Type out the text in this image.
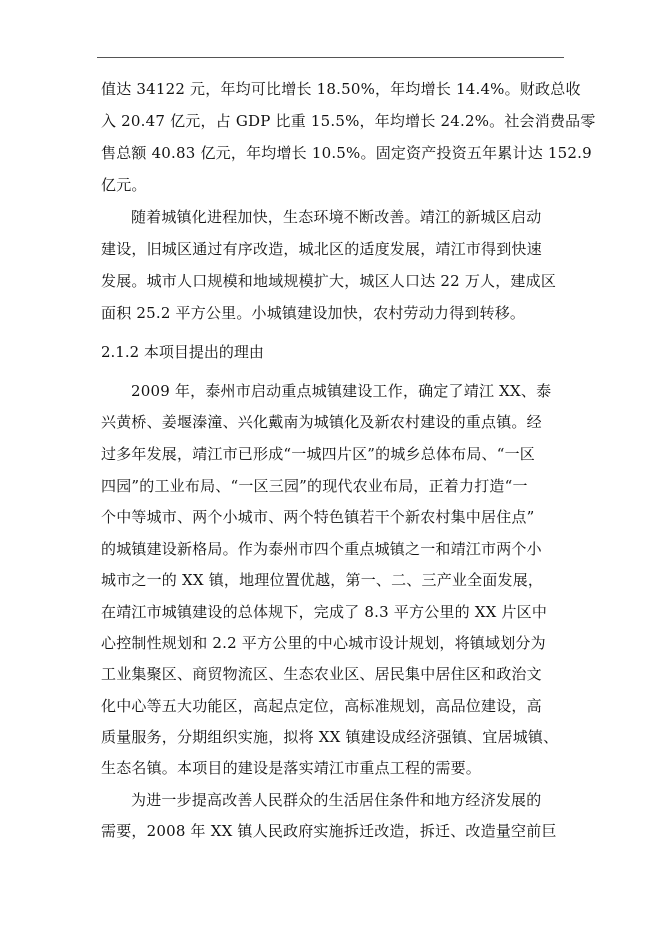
值达 34122 元，年均可比增长 18.50%，年均增长 14.4%。财政总收
入 20.47 亿元，占 GDP 比重 15.5%，年均增长 24.2%。社会消费品零
售总额 40.83 亿元，年均增长 10.5%。固定资产投资五年累计达 152.9
亿元。
随着城镇化进程加快，生态环境不断改善。靖江的新城区启动
建设，旧城区通过有序改造，城北区的适度发展，靖江市得到快速
发展。城市人口规模和地域规模扩大，城区人口达 22 万人，建成区
面积 25.2 平方公里。小城镇建设加快，农村劳动力得到转移。
2.1.2 本项目提出的理由
2009 年，泰州市启动重点城镇建设工作，确定了靖江 XX、泰
兴黄桥、姜堰溱潼、兴化戴南为城镇化及新农村建设的重点镇。经
过多年发展，靖江市已形成“一城四片区”的城乡总体布局、“一区
四园”的工业布局、“一区三园”的现代农业布局，正着力打造“一
个中等城市、两个小城市、两个特色镇若干个新农村集中居住点”
的城镇建设新格局。作为泰州市四个重点城镇之一和靖江市两个小
城市之一的 XX 镇，地理位置优越，第一、二、三产业全面发展，
在靖江市城镇建设的总体规下，完成了 8.3 平方公里的 XX 片区中
心控制性规划和 2.2 平方公里的中心城市设计规划，将镇域划分为
工业集聚区、商贸物流区、生态农业区、居民集中居住区和政治文
化中心等五大功能区，高起点定位，高标准规划，高品位建设，高
质量服务，分期组织实施，拟将 XX 镇建设成经济强镇、宜居城镇、
生态名镇。本项目的建设是落实靖江市重点工程的需要。
为进一步提高改善人民群众的生活居住条件和地方经济发展的
需要，2008 年 XX 镇人民政府实施拆迁改造，拆迁、改造量空前巨
